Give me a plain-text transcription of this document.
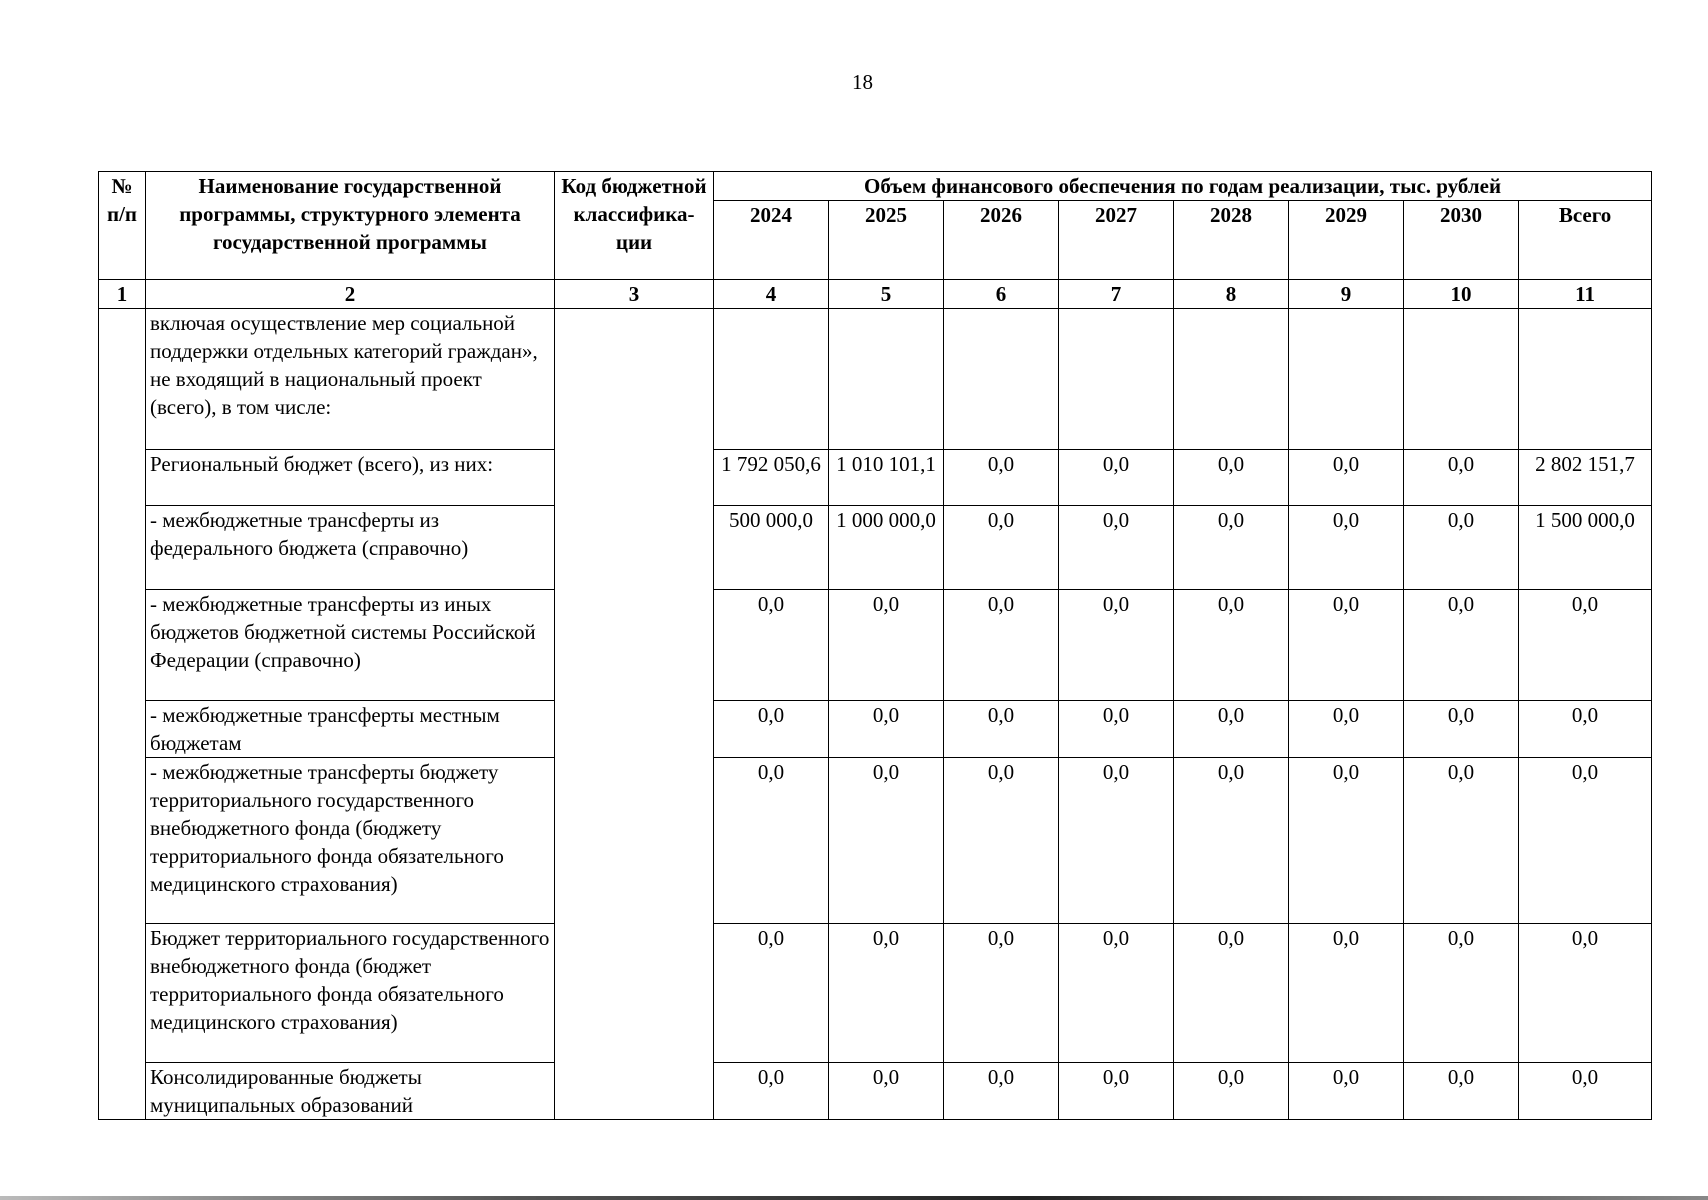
18
№ п/п	Наименование государственной программы, структурного элемента государственной программы	Код бюджетной классифика-ции	Объем финансового обеспечения по годам реализации, тыс. рублей							
			2024	2025	2026	2027	2028	2029	2030	Всего
1	2	3	4	5	6	7	8	9	10	11
	включая осуществление мер социальной поддержки отдельных категорий граждан», не входящий в национальный проект (всего), в том числе:									
	Региональный бюджет (всего), из них:		1 792 050,6	1 010 101,1	0,0	0,0	0,0	0,0	0,0	2 802 151,7
	- межбюджетные трансферты из федерального бюджета (справочно)		500 000,0	1 000 000,0	0,0	0,0	0,0	0,0	0,0	1 500 000,0
	- межбюджетные трансферты из иных бюджетов бюджетной системы Российской Федерации (справочно)		0,0	0,0	0,0	0,0	0,0	0,0	0,0	0,0
	- межбюджетные трансферты местным бюджетам		0,0	0,0	0,0	0,0	0,0	0,0	0,0	0,0
	- межбюджетные трансферты бюджету территориального государственного внебюджетного фонда (бюджету территориального фонда обязательного медицинского страхования)		0,0	0,0	0,0	0,0	0,0	0,0	0,0	0,0
	Бюджет территориального государственного внебюджетного фонда (бюджет территориального фонда обязательного медицинского страхования)		0,0	0,0	0,0	0,0	0,0	0,0	0,0	0,0
	Консолидированные бюджеты муниципальных образований		0,0	0,0	0,0	0,0	0,0	0,0	0,0	0,0
